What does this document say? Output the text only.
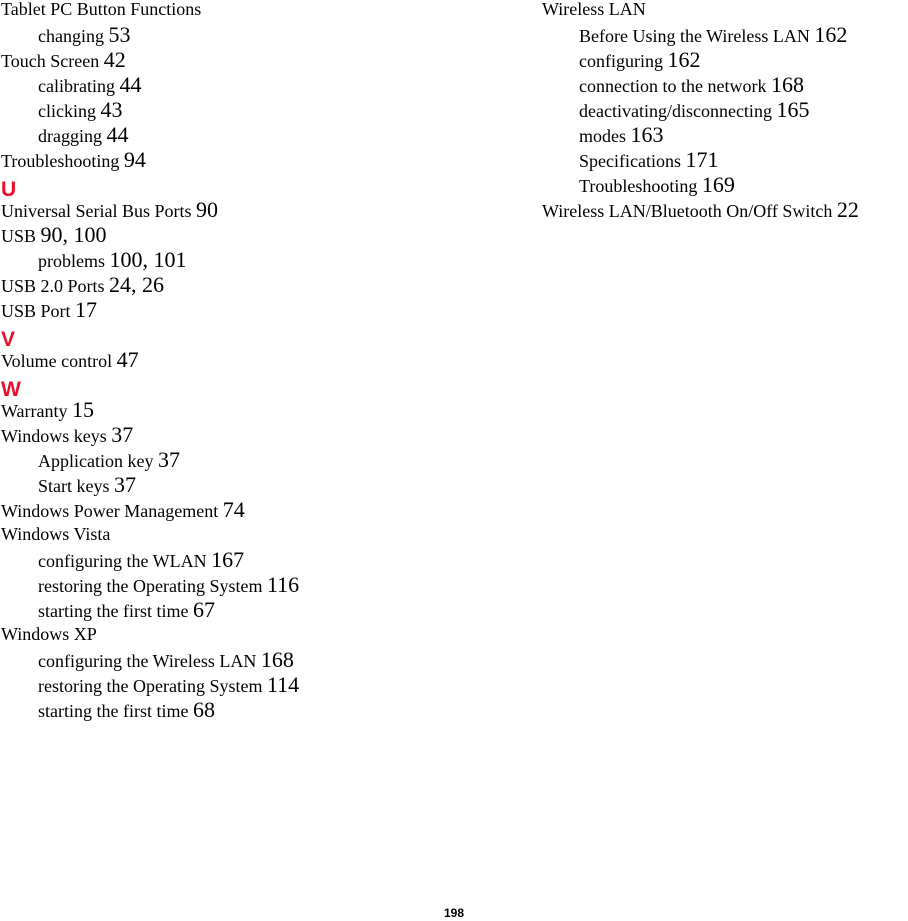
Tablet PC Button Functions
changing 53
Touch Screen 42
calibrating 44
clicking 43
dragging 44
Troubleshooting 94
U
Universal Serial Bus Ports 90
USB 90, 100
problems 100, 101
USB 2.0 Ports 24, 26
USB Port 17
V
Volume control 47
W
Warranty 15
Windows keys 37
Application key 37
Start keys 37
Windows Power Management 74
Windows Vista
configuring the WLAN 167
restoring the Operating System 116
starting the first time 67
Windows XP
configuring the Wireless LAN 168
restoring the Operating System 114
starting the first time 68
Wireless LAN
Before Using the Wireless LAN 162
configuring 162
connection to the network 168
deactivating/disconnecting 165
modes 163
Specifications 171
Troubleshooting 169
Wireless LAN/Bluetooth On/Off Switch 22
198
